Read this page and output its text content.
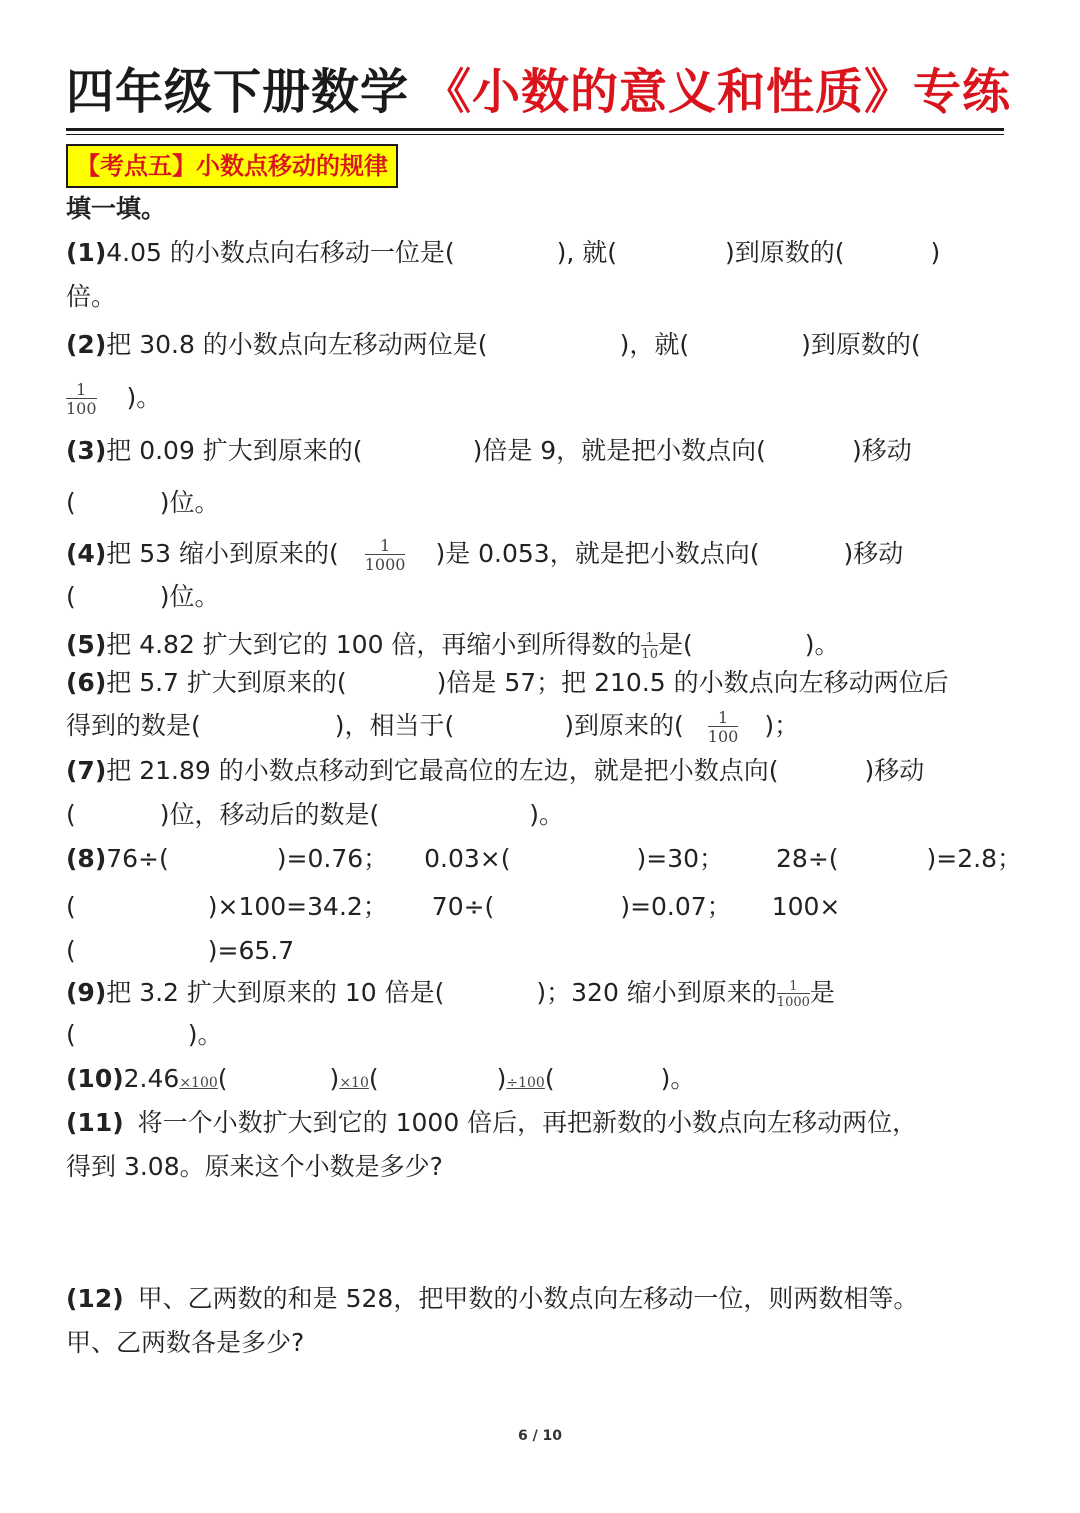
四年级下册数学 《小数的意义和性质》专练
【考点五】小数点移动的规律
填一填。
(1)4.05 的小数点向右移动一位是(	), 就(	)到原数的(	)
倍。
(2)把 30.8 的小数点向左移动两位是(	)，就(	)到原数的(
$\frac{1}{100}$ )。
(3)把 0.09 扩大到原来的(	)倍是 9，就是把小数点向(	)移动
(	)位。
(4)把 53 缩小到原来的( $\frac{1}{1000}$ )是 0.053，就是把小数点向(	)移动
(	)位。
(5)把 4.82 扩大到它的 100 倍，再缩小到所得数的 $\frac{1}{10}$ 是(	)。
(6)把 5.7 扩大到原来的(	)倍是 57；把 210.5 的小数点向左移动两位后
得到的数是(	)，相当于(	)到原来的( $\frac{1}{100}$ )；
(7)把 21.89 的小数点移动到它最高位的左边，就是把小数点向(	)移动
(	)位，移动后的数是(	)。
(8)76÷(	)=0.76； 0.03×(	)=30； 28÷(	)=2.8；
(	)×100=34.2； 70÷(	)=0.07； 100×
(	)=65.7
(9)把 3.2 扩大到原来的 10 倍是(	)；320 缩小到原来的 $\frac{1}{1000}$ 是
(	)。
(10)2.46×100(	)×10(	)÷100(	)。
(11) 将一个小数扩大到它的 1000 倍后，再把新数的小数点向左移动两位，
得到 3.08。原来这个小数是多少?
(12) 甲、乙两数的和是 528，把甲数的小数点向左移动一位，则两数相等。
甲、乙两数各是多少?
6 / 10
